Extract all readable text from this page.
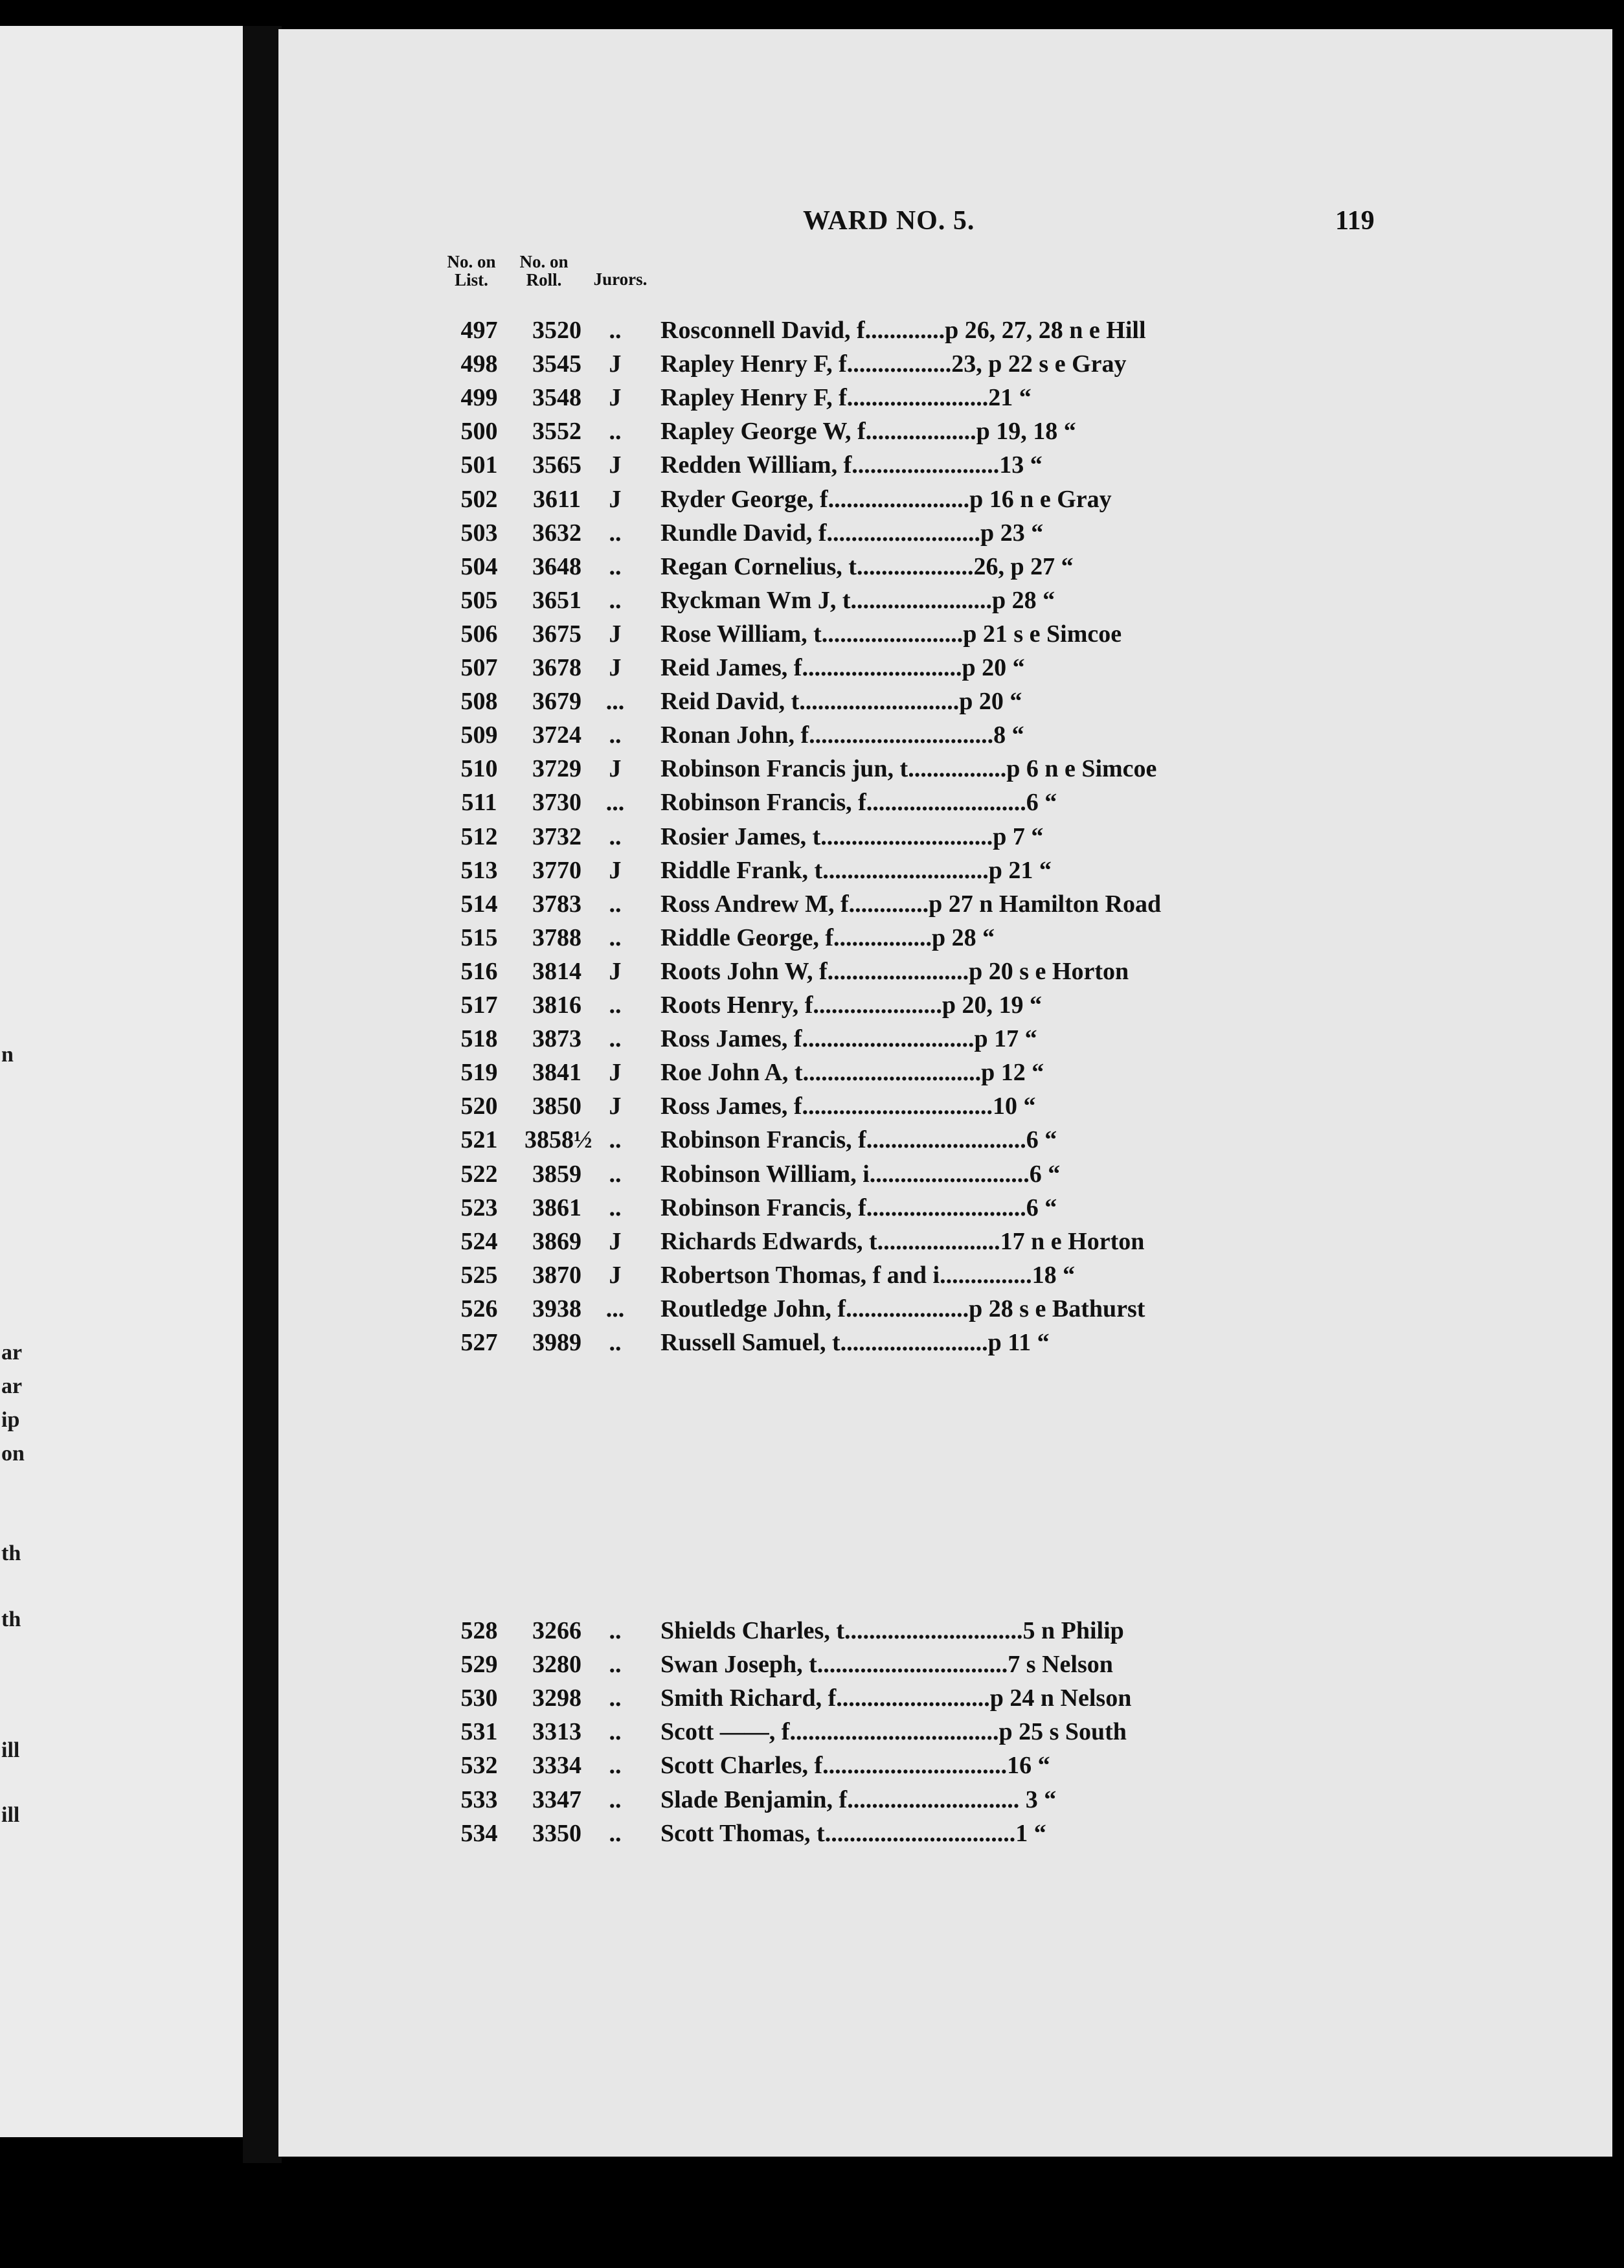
n
ar
ar
ip
on
th
th
ill
ill
WARD NO. 5.	119
No. on List.
No. on Roll.	Jurors.
497	3520	..	Rosconnell David, f.............p 26, 27, 28 n e Hill
498	3545	J	Rapley Henry F, f.................23, p 22 s e Gray
499	3548	J	Rapley Henry F, f.......................21 “
500	3552	..	Rapley George W, f..................p 19, 18 “
501	3565	J	Redden William, f........................13 “
502	3611	J	Ryder George, f.......................p 16 n e Gray
503	3632	..	Rundle David, f.........................p 23 “
504	3648	..	Regan Cornelius, t...................26, p 27 “
505	3651	..	Ryckman Wm J, t.......................p 28 “
506	3675	J	Rose William, t.......................p 21 s e Simcoe
507	3678	J	Reid James, f..........................p 20 “
508	3679 ...	Reid David, t..........................p 20 “
509	3724	..	Ronan John, f..............................8 “
510	3729	J	Robinson Francis jun, t................p 6 n e Simcoe
511	3730 ...	Robinson Francis, f..........................6 “
512	3732	..	Rosier James, t............................p 7 “
513	3770	J	Riddle Frank, t...........................p 21 “
514	3783	..	Ross Andrew M, f.............p 27 n Hamilton Road
515	3788	..	Riddle George, f................p 28 “
516	3814	J	Roots John W, f.......................p 20 s e Horton
517	3816	..	Roots Henry, f.....................p 20, 19 “
518	3873	..	Ross James, f............................p 17 “
519	3841	J	Roe John A, t.............................p 12 “
520	3850	J	Ross James, f...............................10 “
521	3858½ ..	Robinson Francis, f..........................6 “
522	3859	..	Robinson William, i..........................6 “
523	3861	..	Robinson Francis, f..........................6 “
524	3869	J	Richards Edwards, t....................17 n e Horton
525	3870	J	Robertson Thomas, f and i...............18 “
526	3938 ...	Routledge John, f....................p 28 s e Bathurst
527	3989	..	Russell Samuel, t........................p 11 “
528	3266	..	Shields Charles, t.............................5 n Philip
529	3280	..	Swan Joseph, t...............................7 s Nelson
530	3298	..	Smith Richard, f.........................p 24 n Nelson
531	3313	..	Scott ——, f..................................p 25 s South
532	3334	..	Scott Charles, f..............................16 “
533	3347	..	Slade Benjamin, f............................ 3 “
534	3350	..	Scott Thomas, t...............................1 “
